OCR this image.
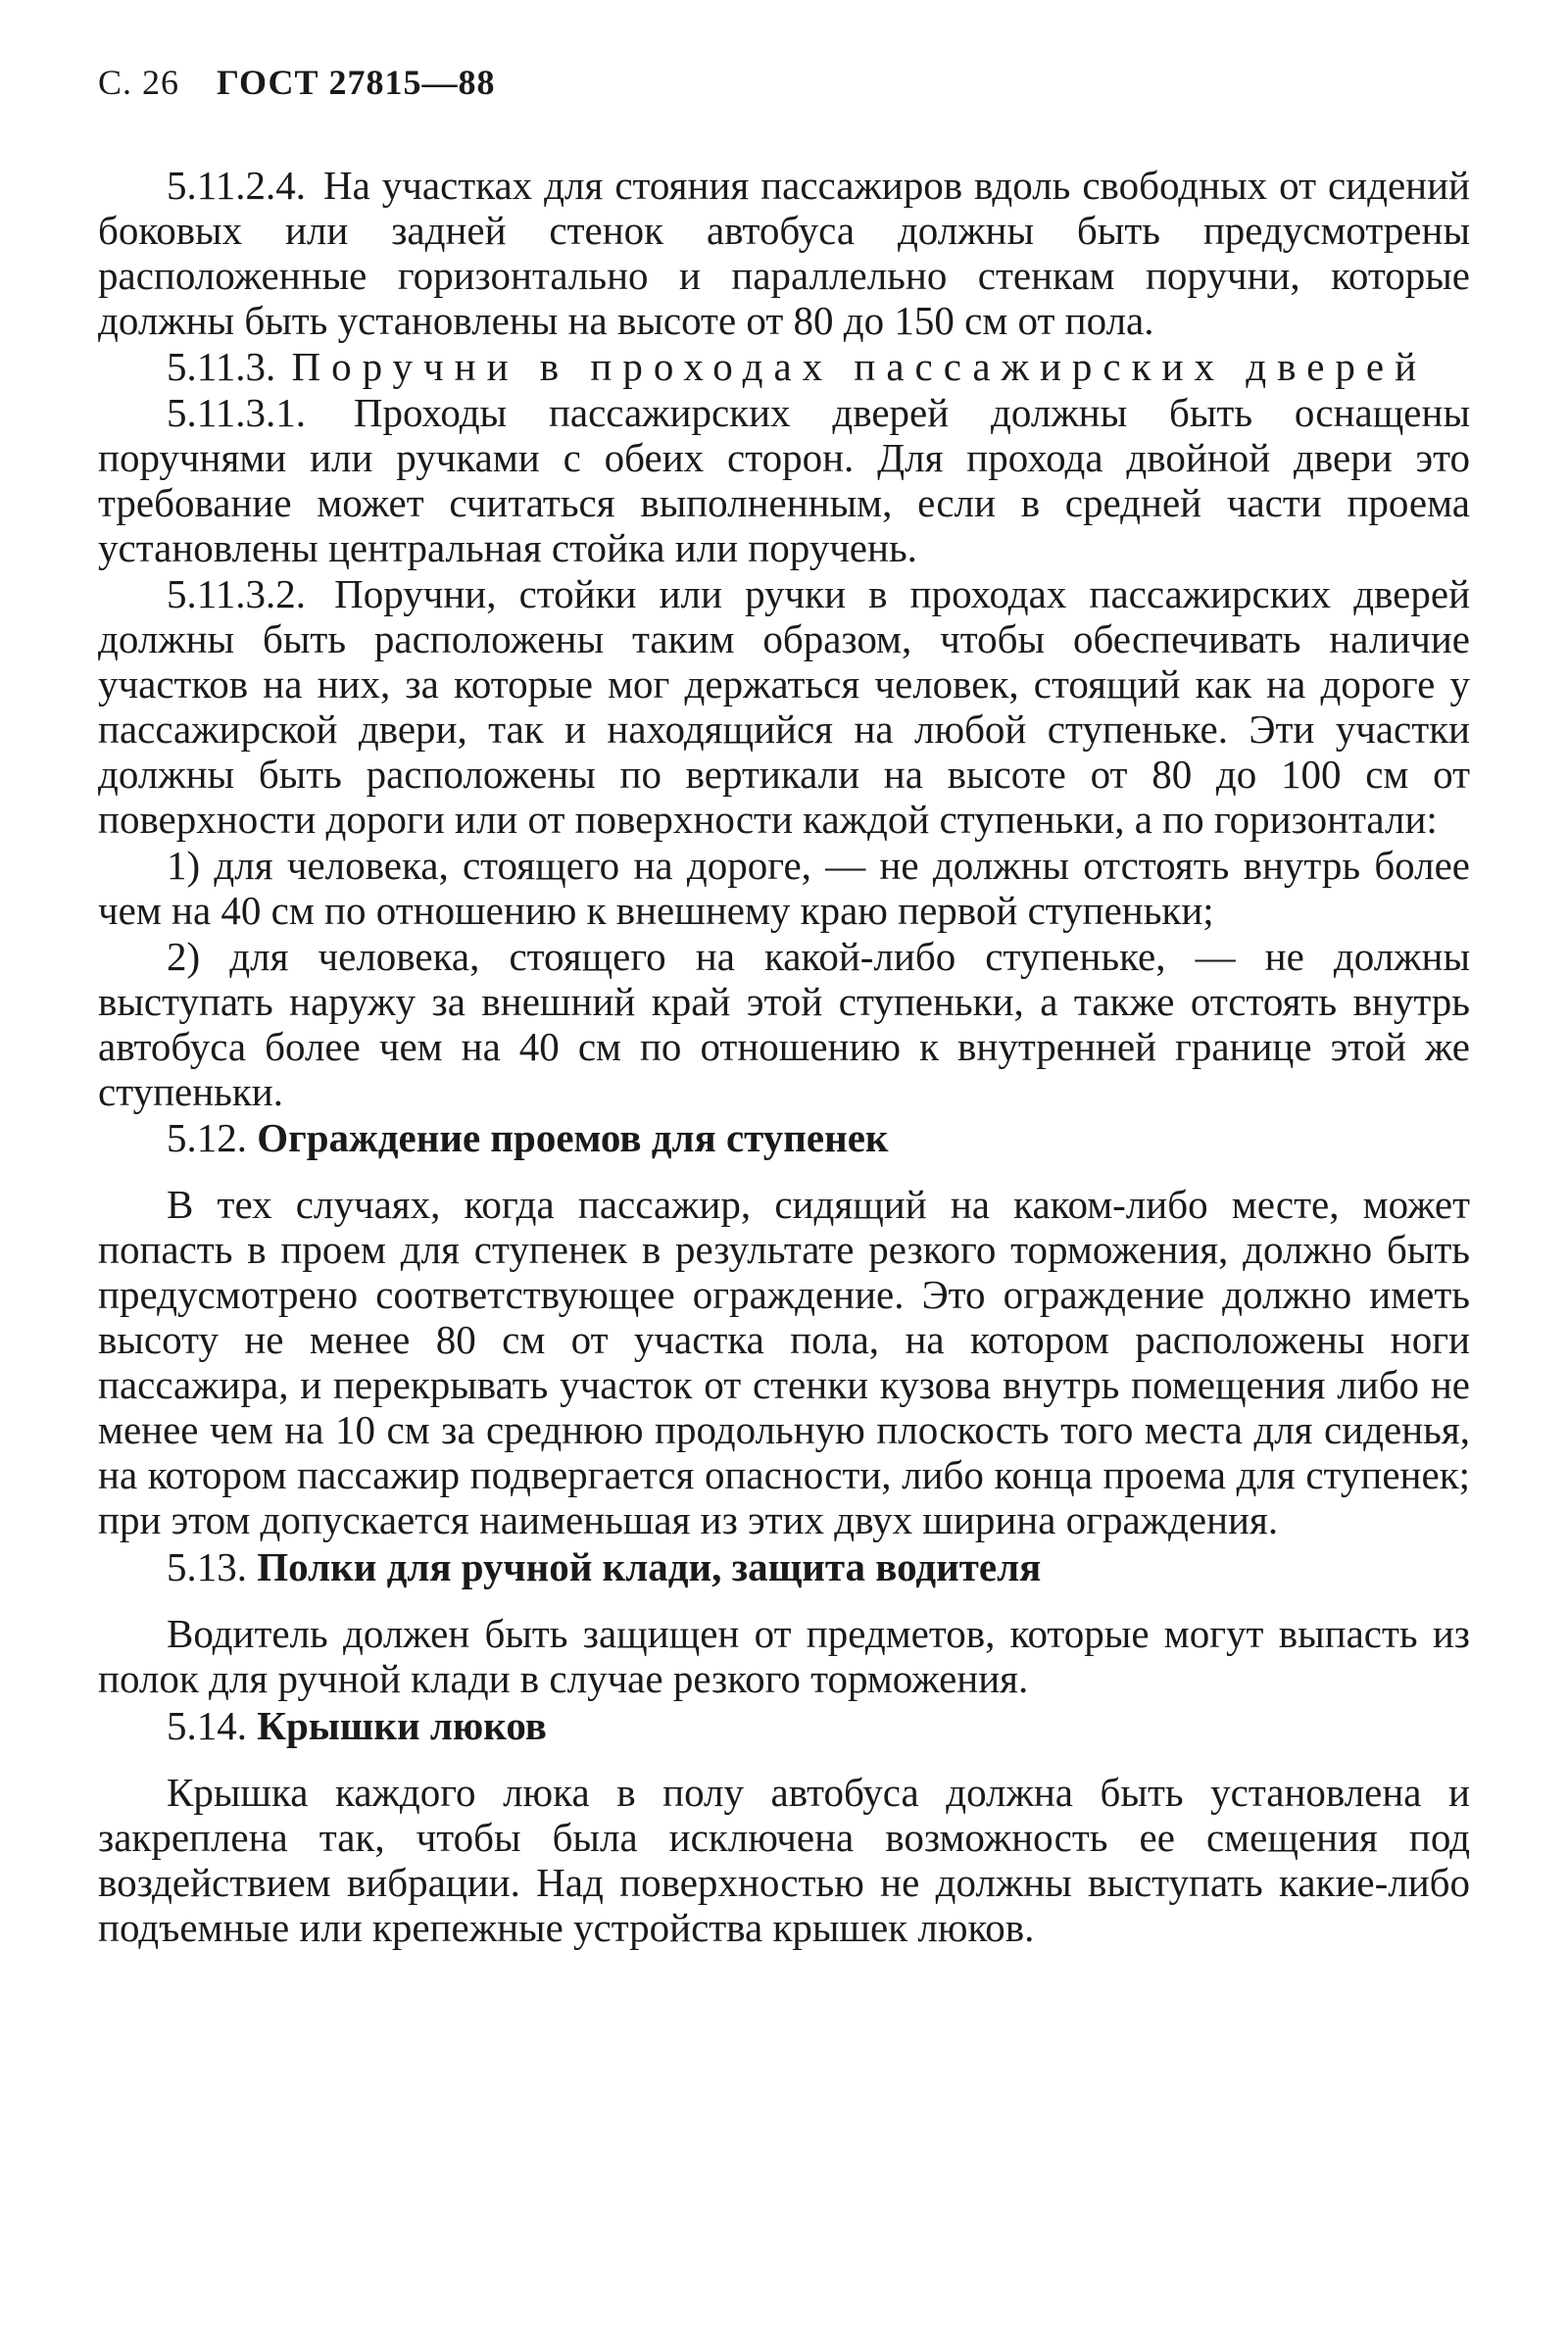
С. 26 ГОСТ 27815—88

5.11.2.4. На участках для стояния пассажиров вдоль свободных от сидений боковых или задней стенок автобуса должны быть предусмотрены расположенные горизонтально и параллельно стенкам поручни, которые должны быть установлены на высоте от 80 до 150 см от пола.

5.11.3. Поручни в проходах пассажирских дверей

5.11.3.1. Проходы пассажирских дверей должны быть оснащены поручнями или ручками с обеих сторон. Для прохода двойной двери это требование может считаться выполненным, если в средней части проема установлены центральная стойка или поручень.

5.11.3.2. Поручни, стойки или ручки в проходах пассажирских дверей должны быть расположены таким образом, чтобы обеспечивать наличие участков на них, за которые мог держаться человек, стоящий как на дороге у пассажирской двери, так и находящийся на любой ступеньке. Эти участки должны быть расположены по вертикали на высоте от 80 до 100 см от поверхности дороги или от поверхности каждой ступеньки, а по горизонтали:

1) для человека, стоящего на дороге, — не должны отстоять внутрь более чем на 40 см по отношению к внешнему краю первой ступеньки;

2) для человека, стоящего на какой-либо ступеньке, — не должны выступать наружу за внешний край этой ступеньки, а также отстоять внутрь автобуса более чем на 40 см по отношению к внутренней границе этой же ступеньки.

5.12. Ограждение проемов для ступенек

В тех случаях, когда пассажир, сидящий на каком-либо месте, может попасть в проем для ступенек в результате резкого торможения, должно быть предусмотрено соответствующее ограждение. Это ограждение должно иметь высоту не менее 80 см от участка пола, на котором расположены ноги пассажира, и перекрывать участок от стенки кузова внутрь помещения либо не менее чем на 10 см за среднюю продольную плоскость того места для сиденья, на котором пассажир подвергается опасности, либо конца проема для ступенек; при этом допускается наименьшая из этих двух ширина ограждения.

5.13. Полки для ручной клади, защита водителя

Водитель должен быть защищен от предметов, которые могут выпасть из полок для ручной клади в случае резкого торможения.

5.14. Крышки люков

Крышка каждого люка в полу автобуса должна быть установлена и закреплена так, чтобы была исключена возможность ее смещения под воздействием вибрации. Над поверхностью не должны выступать какие-либо подъемные или крепежные устройства крышек люков.
